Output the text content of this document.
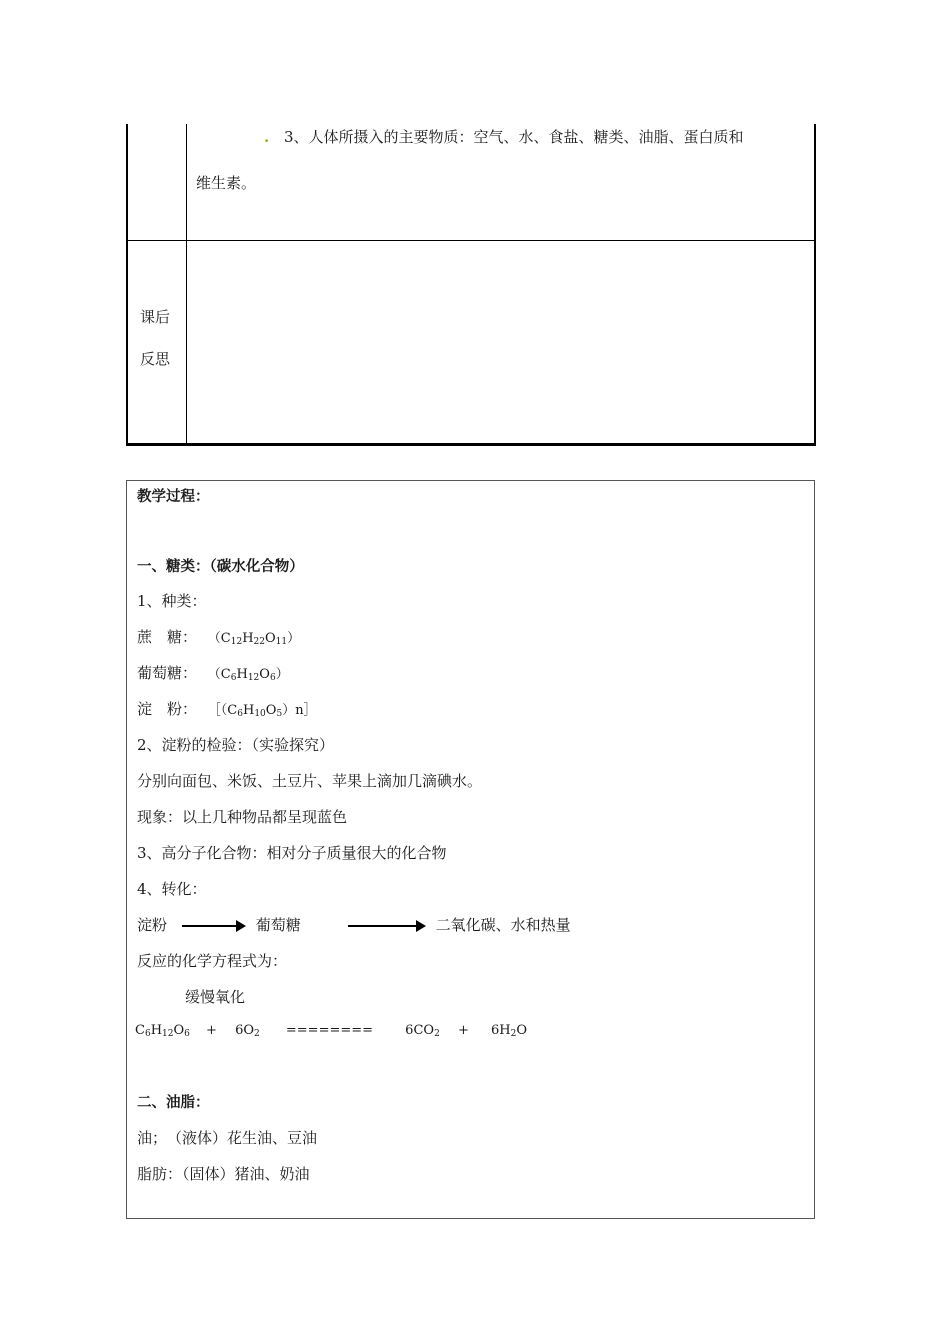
. 3、人体所摄入的主要物质：空气、水、食盐、糖类、油脂、蛋白质和
维生素。
课后
反思
教学过程：
一、糖类：（碳水化合物）
1、种类：
蔗　糖： $(C_{12}H_{22}O_{11})$
葡萄糖： $(C_6H_{12}O_6)$
淀　粉： $[(C_6H_{10}O_5)n]$
2、淀粉的检验：（实验探究）
分别向面包、米饭、土豆片、苹果上滴加几滴碘水。
现象：以上几种物品都呈现蓝色
3、高分子化合物：相对分子质量很大的化合物
4、转化：
淀粉	葡萄糖	二氧化碳、水和热量
反应的化学方程式为：
缓慢氧化
$C_6H_{12}O_6 + 6O_2$ ======== $6CO_2 + 6H_2O$
二、油脂：
油；　（液体）花生油、豆油
脂肪：（固体）猪油、奶油
